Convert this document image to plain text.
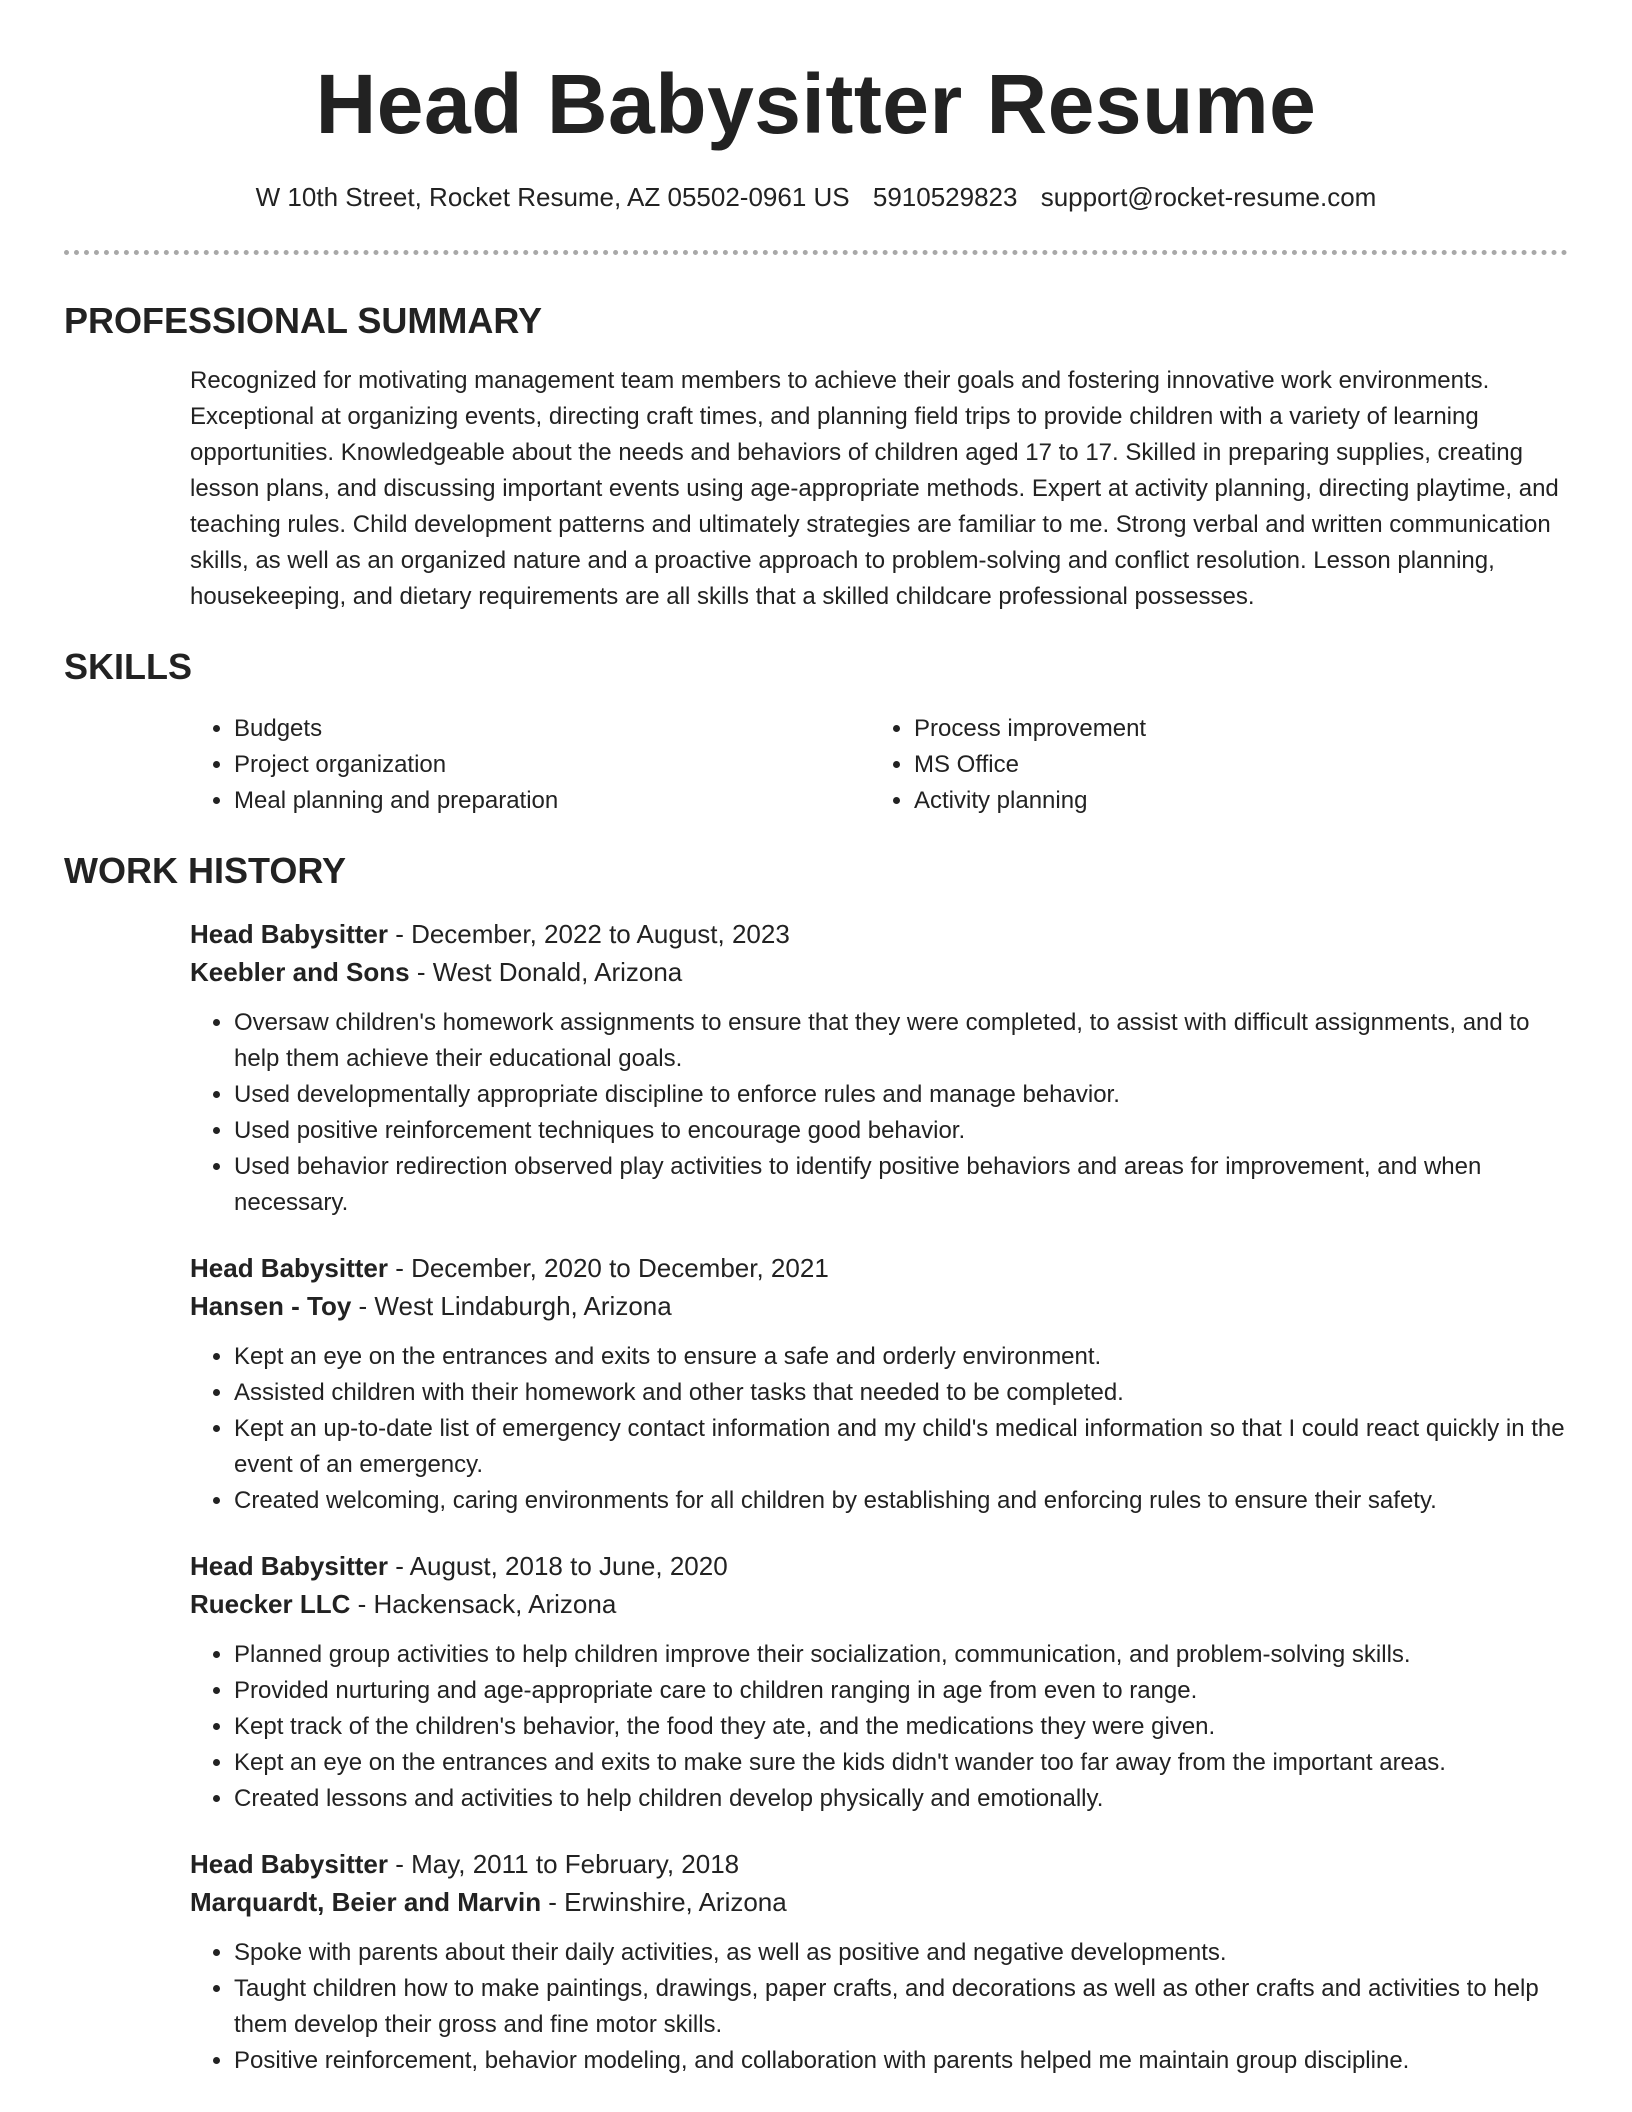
Head Babysitter Resume
W 10th Street, Rocket Resume, AZ 05502-0961 US 5910529823 support@rocket-resume.com
PROFESSIONAL SUMMARY

Recognized for motivating management team members to achieve their goals and fostering innovative work environments. Exceptional at organizing events, directing craft times, and planning field trips to provide children with a variety of learning opportunities. Knowledgeable about the needs and behaviors of children aged 17 to 17. Skilled in preparing supplies, creating lesson plans, and discussing important events using age-appropriate methods. Expert at activity planning, directing playtime, and teaching rules. Child development patterns and ultimately strategies are familiar to me. Strong verbal and written communication skills, as well as an organized nature and a proactive approach to problem-solving and conflict resolution. Lesson planning, housekeeping, and dietary requirements are all skills that a skilled childcare professional possesses.

SKILLS
• Budgets
• Project organization
• Meal planning and preparation
• Process improvement
• MS Office
• Activity planning
WORK HISTORY
Head Babysitter - December, 2022 to August, 2023
Keebler and Sons - West Donald, Arizona
• Oversaw children's homework assignments to ensure that they were completed, to assist with difficult assignments, and to help them achieve their educational goals.
• Used developmentally appropriate discipline to enforce rules and manage behavior.
• Used positive reinforcement techniques to encourage good behavior.
• Used behavior redirection observed play activities to identify positive behaviors and areas for improvement, and when necessary.
Head Babysitter - December, 2020 to December, 2021
Hansen - Toy - West Lindaburgh, Arizona
• Kept an eye on the entrances and exits to ensure a safe and orderly environment.
• Assisted children with their homework and other tasks that needed to be completed.
• Kept an up-to-date list of emergency contact information and my child's medical information so that I could react quickly in the event of an emergency.
• Created welcoming, caring environments for all children by establishing and enforcing rules to ensure their safety.
Head Babysitter - August, 2018 to June, 2020
Ruecker LLC - Hackensack, Arizona
• Planned group activities to help children improve their socialization, communication, and problem-solving skills.
• Provided nurturing and age-appropriate care to children ranging in age from even to range.
• Kept track of the children's behavior, the food they ate, and the medications they were given.
• Kept an eye on the entrances and exits to make sure the kids didn't wander too far away from the important areas.
• Created lessons and activities to help children develop physically and emotionally.
Head Babysitter - May, 2011 to February, 2018
Marquardt, Beier and Marvin - Erwinshire, Arizona
• Spoke with parents about their daily activities, as well as positive and negative developments.
• Taught children how to make paintings, drawings, paper crafts, and decorations as well as other crafts and activities to help them develop their gross and fine motor skills.
• Positive reinforcement, behavior modeling, and collaboration with parents helped me maintain group discipline.
